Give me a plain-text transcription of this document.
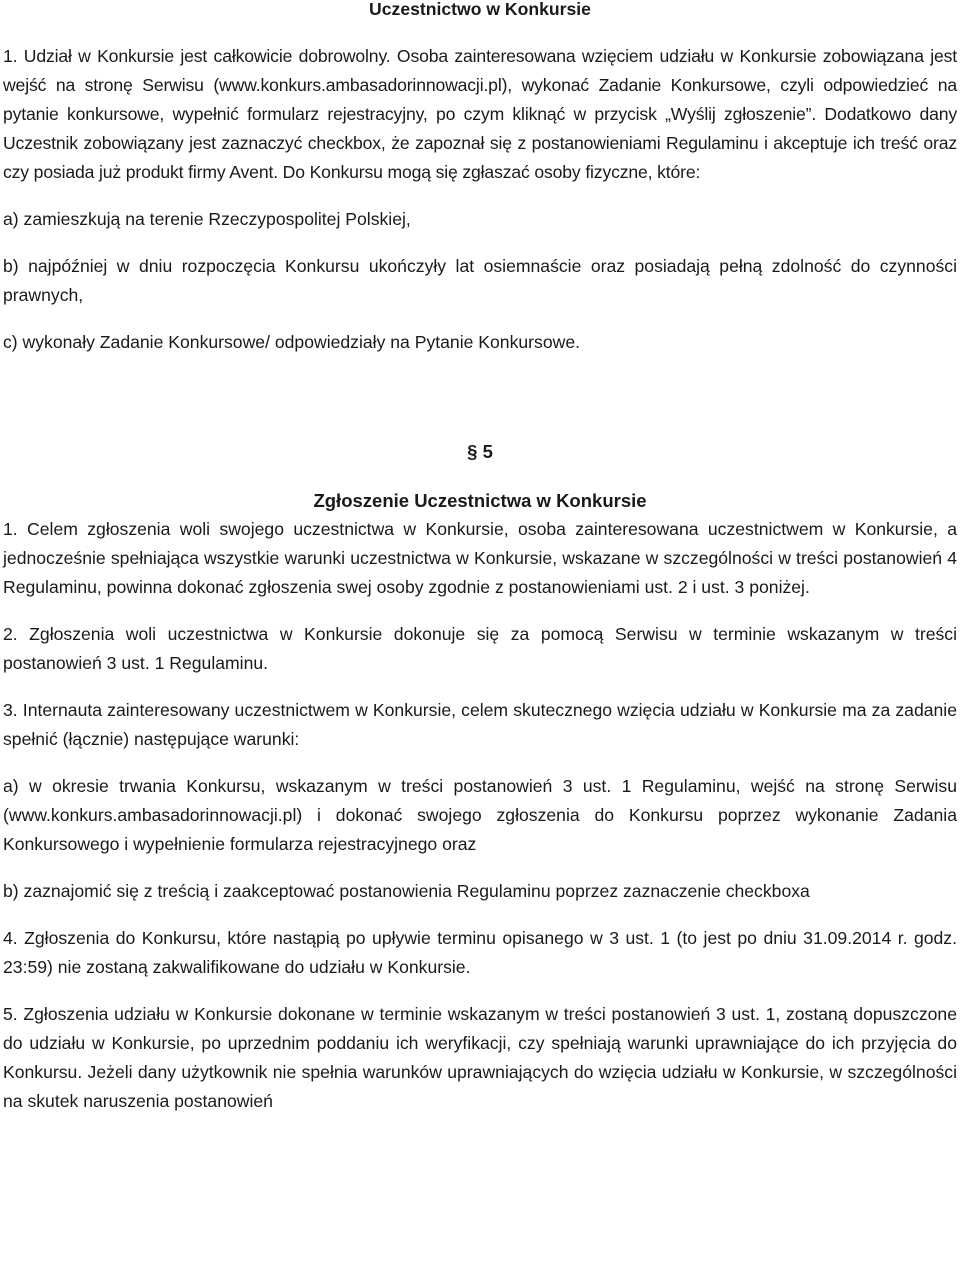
Uczestnictwo w Konkursie

1. Udział w Konkursie jest całkowicie dobrowolny. Osoba zainteresowana wzięciem udziału w Konkursie zobowiązana jest wejść na stronę Serwisu (www.konkurs.ambasadorinnowacji.pl), wykonać Zadanie Konkursowe, czyli odpowiedzieć na pytanie konkursowe, wypełnić formularz rejestracyjny, po czym kliknąć w przycisk „Wyślij zgłoszenie”. Dodatkowo dany Uczestnik zobowiązany jest zaznaczyć checkbox, że zapoznał się z postanowieniami Regulaminu i akceptuje ich treść oraz czy posiada już produkt firmy Avent. Do Konkursu mogą się zgłaszać osoby fizyczne, które:

a) zamieszkują na terenie Rzeczypospolitej Polskiej,

b) najpóźniej w dniu rozpoczęcia Konkursu ukończyły lat osiemnaście oraz posiadają pełną zdolność do czynności prawnych,

c) wykonały Zadanie Konkursowe/ odpowiedziały na Pytanie Konkursowe.

§ 5

Zgłoszenie Uczestnictwa w Konkursie

1. Celem zgłoszenia woli swojego uczestnictwa w Konkursie, osoba zainteresowana uczestnictwem w Konkursie, a jednocześnie spełniająca wszystkie warunki uczestnictwa w Konkursie, wskazane w szczególności w treści postanowień 4 Regulaminu, powinna dokonać zgłoszenia swej osoby zgodnie z postanowieniami ust. 2 i ust. 3 poniżej.

2. Zgłoszenia woli uczestnictwa w Konkursie dokonuje się za pomocą Serwisu w terminie wskazanym w treści postanowień 3 ust. 1 Regulaminu.

3. Internauta zainteresowany uczestnictwem w Konkursie, celem skutecznego wzięcia udziału w Konkursie ma za zadanie spełnić (łącznie) następujące warunki:

a) w okresie trwania Konkursu, wskazanym w treści postanowień 3 ust. 1 Regulaminu, wejść na stronę Serwisu (www.konkurs.ambasadorinnowacji.pl) i dokonać swojego zgłoszenia do Konkursu poprzez wykonanie Zadania Konkursowego i wypełnienie formularza rejestracyjnego oraz

b) zaznajomić się z treścią i zaakceptować postanowienia Regulaminu poprzez zaznaczenie checkboxa

4. Zgłoszenia do Konkursu, które nastąpią po upływie terminu opisanego w 3 ust. 1 (to jest po dniu 31.09.2014 r. godz. 23:59) nie zostaną zakwalifikowane do udziału w Konkursie.

5. Zgłoszenia udziału w Konkursie dokonane w terminie wskazanym w treści postanowień 3 ust. 1, zostaną dopuszczone do udziału w Konkursie, po uprzednim poddaniu ich weryfikacji, czy spełniają warunki uprawniające do ich przyjęcia do Konkursu. Jeżeli dany użytkownik nie spełnia warunków uprawniających do wzięcia udziału w Konkursie, w szczególności na skutek naruszenia postanowień
